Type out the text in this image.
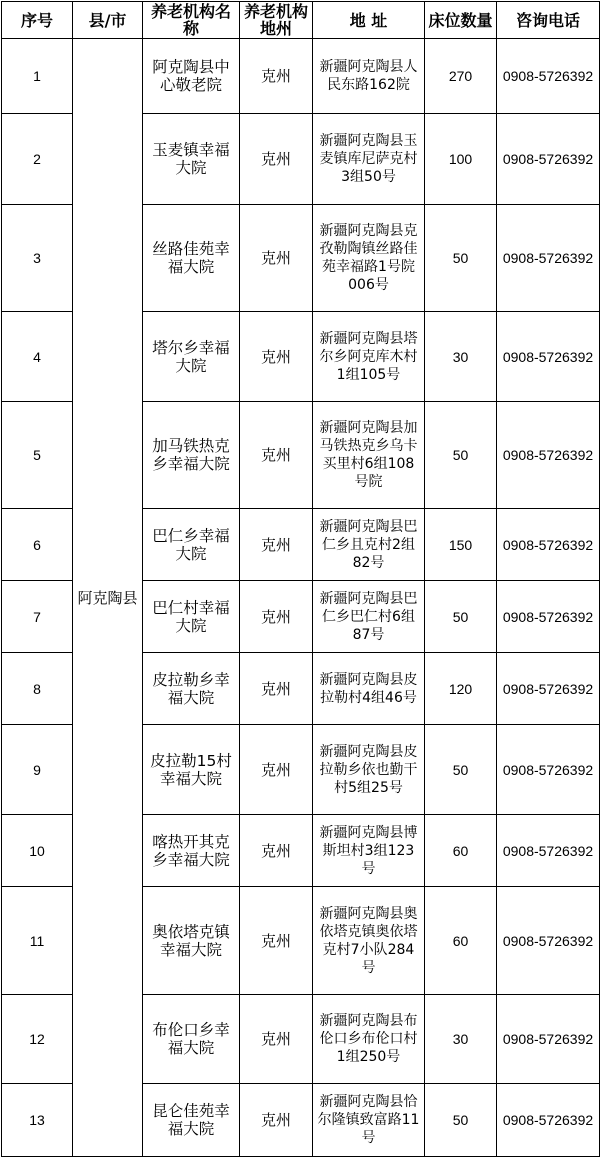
序号	县/市	养老机构名称	养老机构地州	地 址	床位数量	咨询电话
1	阿克陶县	阿克陶县中心敬老院	克州	新疆阿克陶县人民东路162院	270	0908-5726392
2		玉麦镇幸福大院	克州	新疆阿克陶县玉麦镇库尼萨克村3组50号	100	0908-5726392
3		丝路佳苑幸福大院	克州	新疆阿克陶县克孜勒陶镇丝路佳苑幸福路1号院006号	50	0908-5726392
4		塔尔乡幸福大院	克州	新疆阿克陶县塔尔乡阿克库木村1组105号	30	0908-5726392
5		加马铁热克乡幸福大院	克州	新疆阿克陶县加马铁热克乡乌卡买里村6组108号院	50	0908-5726392
6		巴仁乡幸福大院	克州	新疆阿克陶县巴仁乡且克村2组82号	150	0908-5726392
7		巴仁村幸福大院	克州	新疆阿克陶县巴仁乡巴仁村6组87号	50	0908-5726392
8		皮拉勒乡幸福大院	克州	新疆阿克陶县皮拉勒村4组46号	120	0908-5726392
9		皮拉勒15村幸福大院	克州	新疆阿克陶县皮拉勒乡依也勤干村5组25号	50	0908-5726392
10		喀热开其克乡幸福大院	克州	新疆阿克陶县博斯坦村3组123号	60	0908-5726392
11		奥依塔克镇幸福大院	克州	新疆阿克陶县奥依塔克镇奥依塔克村7小队284号	60	0908-5726392
12		布伦口乡幸福大院	克州	新疆阿克陶县布伦口乡布伦口村1组250号	30	0908-5726392
13		昆仑佳苑幸福大院	克州	新疆阿克陶县恰尔隆镇致富路11号	50	0908-5726392
